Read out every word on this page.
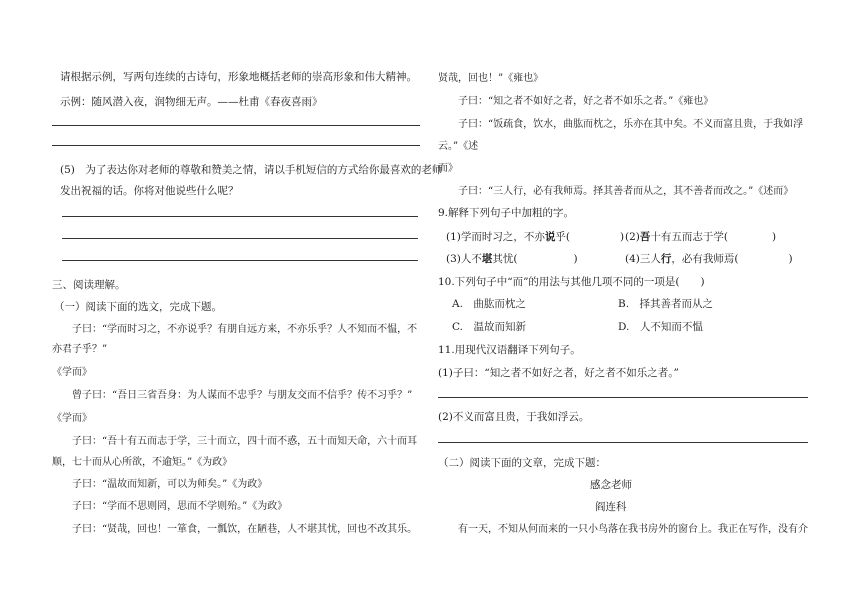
请根据示例，写两句连续的古诗句，形象地概括老师的崇高形象和伟大精神。
示例：随风潜入夜，润物细无声。——杜甫《春夜喜雨》
(5)　为了表达你对老师的尊敬和赞美之情，请以手机短信的方式给你最喜欢的老师
发出祝福的话。你将对他说些什么呢？
三、阅读理解。
（一）阅读下面的选文，完成下题。
子曰：“学而时习之，不亦说乎？有朋自远方来，不亦乐乎？人不知而不愠，不
亦君子乎？”
《学而》
曾子曰：“吾日三省吾身：为人谋而不忠乎？与朋友交而不信乎？传不习乎？”
《学而》
子曰：“吾十有五而志于学，三十而立，四十而不惑，五十而知天命，六十而耳
顺，七十而从心所欲，不逾矩。”《为政》
子曰：“温故而知新，可以为师矣。”《为政》
子曰：“学而不思则罔，思而不学则殆。”《为政》
子曰：“贤哉，回也！一箪食，一瓢饮，在陋巷，人不堪其忧，回也不改其乐。
贤哉，回也！”《雍也》
子曰：“知之者不如好之者，好之者不如乐之者。”《雍也》
子曰：“饭疏食，饮水，曲肱而枕之，乐亦在其中矣。不义而富且贵，于我如浮
云。”《述
而》
子曰：“三人行，必有我师焉。择其善者而从之，其不善者而改之。”《述而》
9.解释下列句子中加粗的字。
(1)学而时习之，不亦说乎(	) (2)吾十有五而志于学(	)
(3)人不堪其忧(	)	(4)三人行，必有我师焉(	)
10.下列句子中“而”的用法与其他几项不同的一项是(　　)
A.　曲肱而枕之	B.　择其善者而从之
C.　温故而知新	D.　人不知而不愠
11.用现代汉语翻译下列句子。
(1)子曰：“知之者不如好之者，好之者不如乐之者。”
(2)不义而富且贵，于我如浮云。
（二）阅读下面的文章，完成下题：
感念老师
阎连科
有一天，不知从何而来的一只小鸟落在我书房外的窗台上。我正在写作，没有介
